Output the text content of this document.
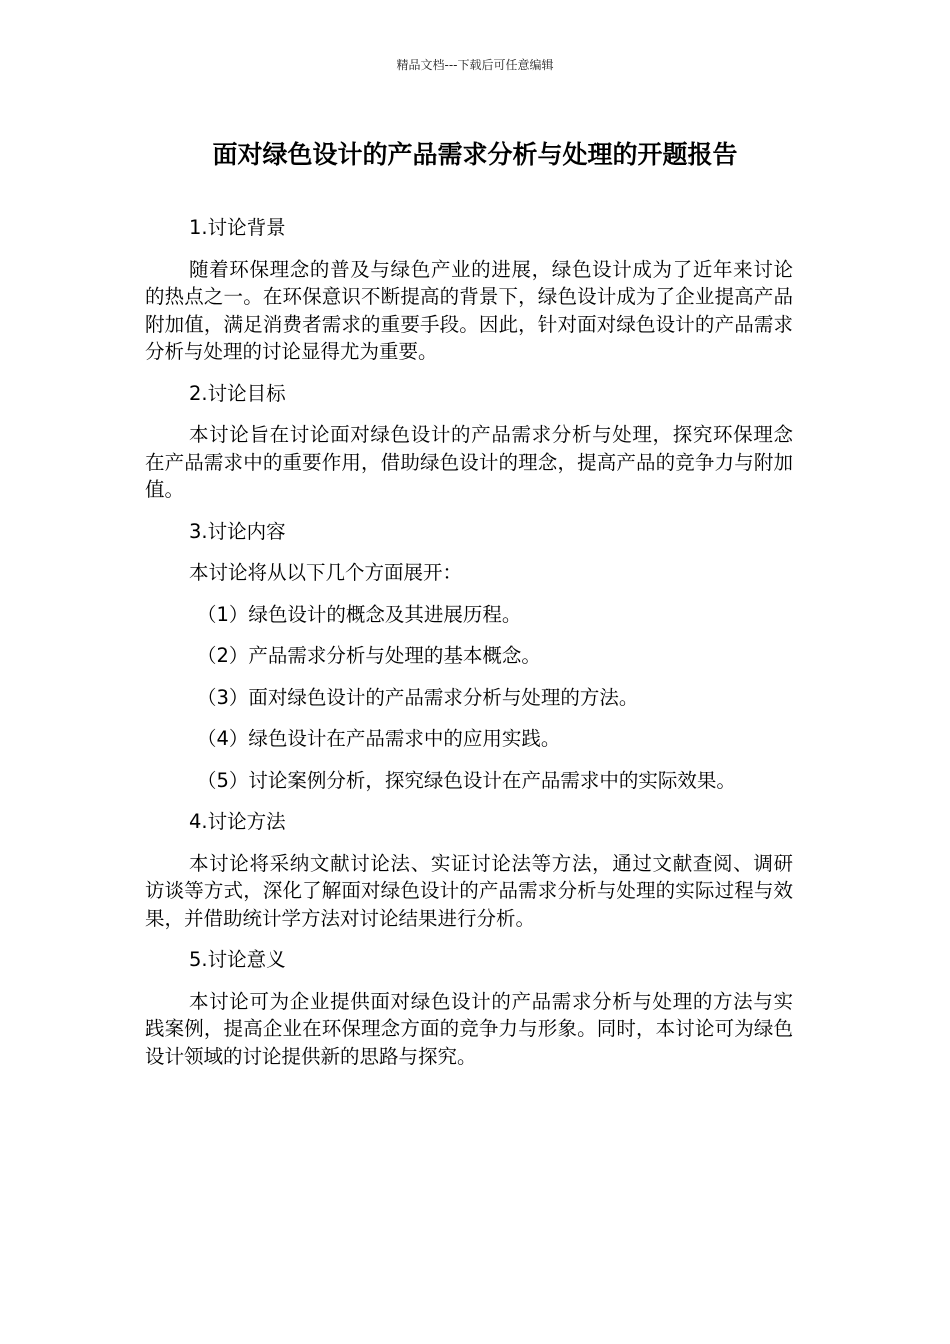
精品文档---下载后可任意编辑
面对绿色设计的产品需求分析与处理的开题报告

1.讨论背景

随着环保理念的普及与绿色产业的进展，绿色设计成为了近年来讨论的热点之一。在环保意识不断提高的背景下，绿色设计成为了企业提高产品附加值，满足消费者需求的重要手段。因此，针对面对绿色设计的产品需求分析与处理的讨论显得尤为重要。

2.讨论目标

本讨论旨在讨论面对绿色设计的产品需求分析与处理，探究环保理念在产品需求中的重要作用，借助绿色设计的理念，提高产品的竞争力与附加值。

3.讨论内容

本讨论将从以下几个方面展开：

（1）绿色设计的概念及其进展历程。

（2）产品需求分析与处理的基本概念。

（3）面对绿色设计的产品需求分析与处理的方法。

（4）绿色设计在产品需求中的应用实践。

（5）讨论案例分析，探究绿色设计在产品需求中的实际效果。

4.讨论方法

本讨论将采纳文献讨论法、实证讨论法等方法，通过文献查阅、调研访谈等方式，深化了解面对绿色设计的产品需求分析与处理的实际过程与效果，并借助统计学方法对讨论结果进行分析。

5.讨论意义

本讨论可为企业提供面对绿色设计的产品需求分析与处理的方法与实践案例，提高企业在环保理念方面的竞争力与形象。同时，本讨论可为绿色设计领域的讨论提供新的思路与探究。
